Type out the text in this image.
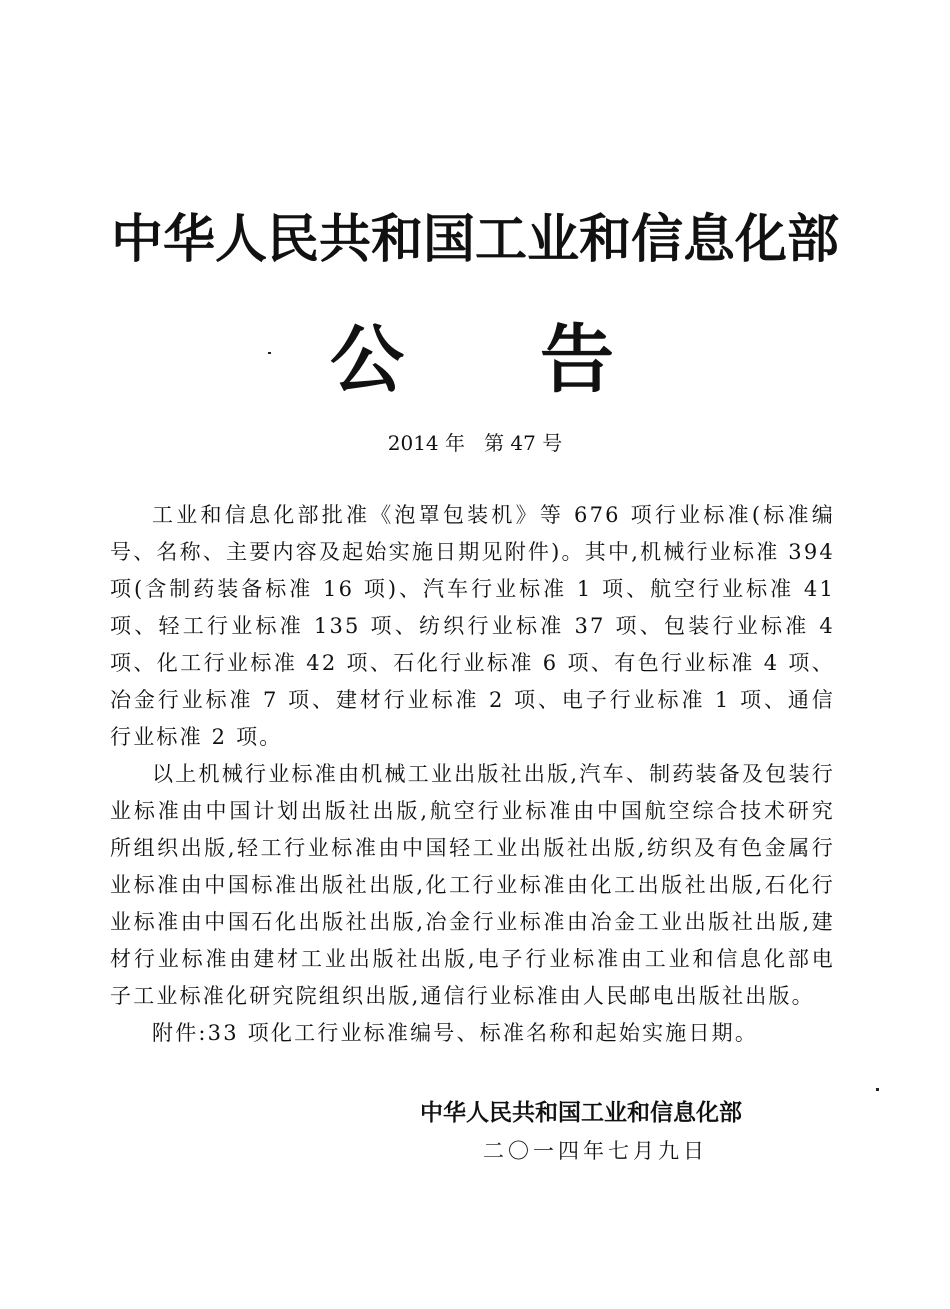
中华人民共和国工业和信息化部
公 告
2014 年   第 47 号

工业和信息化部批准《泡罩包装机》等 676 项行业标准(标准编号、名称、主要内容及起始实施日期见附件)。其中,机械行业标准 394 项(含制药装备标准 16 项)、汽车行业标准 1 项、航空行业标准 41 项、轻工行业标准 135 项、纺织行业标准 37 项、包装行业标准 4 项、化工行业标准 42 项、石化行业标准 6 项、有色行业标准 4 项、冶金行业标准 7 项、建材行业标准 2 项、电子行业标准 1 项、通信行业标准 2 项。

以上机械行业标准由机械工业出版社出版,汽车、制药装备及包装行业标准由中国计划出版社出版,航空行业标准由中国航空综合技术研究所组织出版,轻工行业标准由中国轻工业出版社出版,纺织及有色金属行业标准由中国标准出版社出版,化工行业标准由化工出版社出版,石化行业标准由中国石化出版社出版,冶金行业标准由冶金工业出版社出版,建材行业标准由建材工业出版社出版,电子行业标准由工业和信息化部电子工业标准化研究院组织出版,通信行业标准由人民邮电出版社出版。

附件:33 项化工行业标准编号、标准名称和起始实施日期。

中华人民共和国工业和信息化部
二〇一四年七月九日
